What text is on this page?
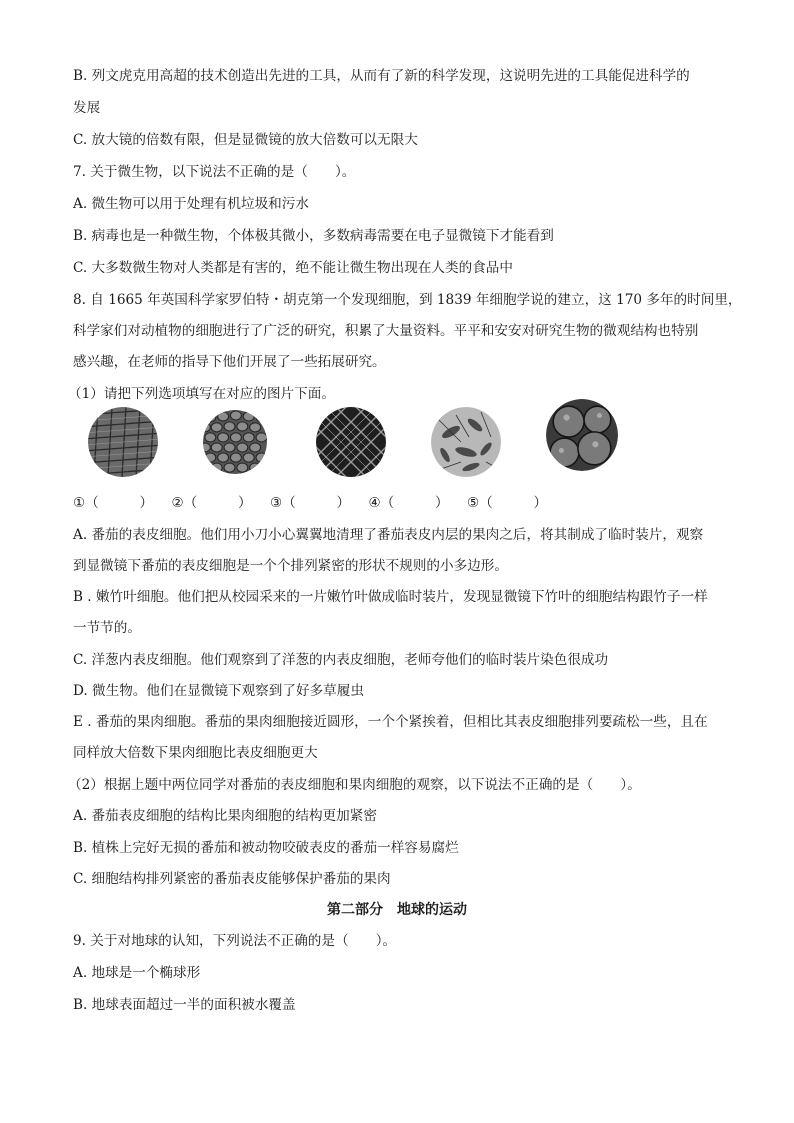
B. 列文虎克用高超的技术创造出先进的工具，从而有了新的科学发现，这说明先进的工具能促进科学的
发展
C. 放大镜的倍数有限，但是显微镜的放大倍数可以无限大
7. 关于微生物，以下说法不正确的是（　　）。
A. 微生物可以用于处理有机垃圾和污水
B. 病毒也是一种微生物，个体极其微小，多数病毒需要在电子显微镜下才能看到
C. 大多数微生物对人类都是有害的，绝不能让微生物出现在人类的食品中
8. 自 1665 年英国科学家罗伯特・胡克第一个发现细胞，到 1839 年细胞学说的建立，这 170 多年的时间里，
科学家们对动植物的细胞进行了广泛的研究，积累了大量资料。平平和安安对研究生物的微观结构也特别
感兴趣，在老师的指导下他们开展了一些拓展研究。
（1）请把下列选项填写在对应的图片下面。
①（　　　） ②（　　　） ③（　　　） ④（　　　） ⑤（　　　）
A. 番茄的表皮细胞。他们用小刀小心翼翼地清理了番茄表皮内层的果肉之后，将其制成了临时装片，观察
到显微镜下番茄的表皮细胞是一个个排列紧密的形状不规则的小多边形。
B . 嫩竹叶细胞。他们把从校园采来的一片嫩竹叶做成临时装片，发现显微镜下竹叶的细胞结构跟竹子一样
一节节的。
C. 洋葱内表皮细胞。他们观察到了洋葱的内表皮细胞，老师夸他们的临时装片染色很成功
D. 微生物。他们在显微镜下观察到了好多草履虫
E . 番茄的果肉细胞。番茄的果肉细胞接近圆形，一个个紧挨着，但相比其表皮细胞排列要疏松一些，且在
同样放大倍数下果肉细胞比表皮细胞更大
（2）根据上题中两位同学对番茄的表皮细胞和果肉细胞的观察，以下说法不正确的是（　　）。
A. 番茄表皮细胞的结构比果肉细胞的结构更加紧密
B. 植株上完好无损的番茄和被动物咬破表皮的番茄一样容易腐烂
C. 细胞结构排列紧密的番茄表皮能够保护番茄的果肉
第二部分　地球的运动
9. 关于对地球的认知，下列说法不正确的是（　　）。
A. 地球是一个椭球形
B. 地球表面超过一半的面积被水覆盖
